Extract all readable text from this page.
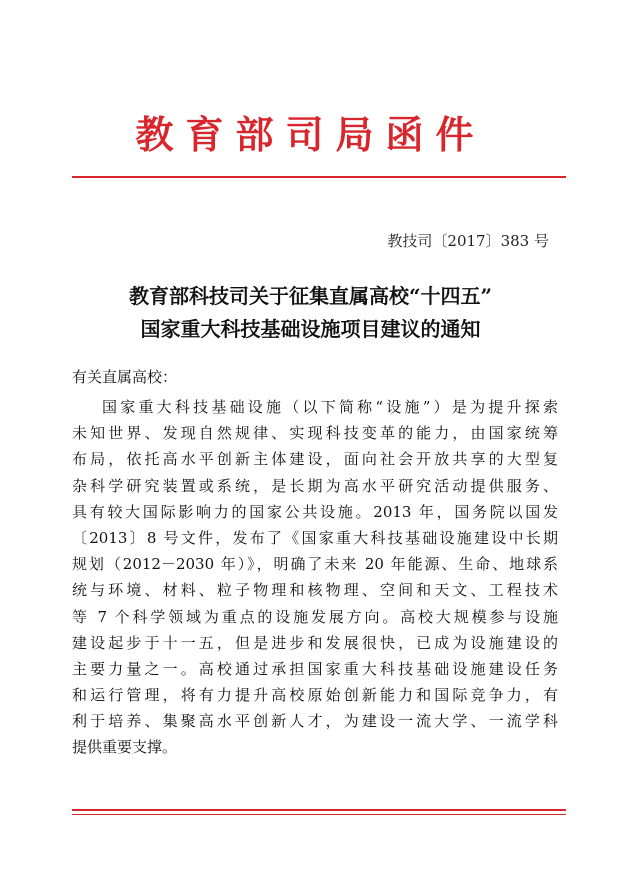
教育部司局函件
教技司〔2017〕383 号
教育部科技司关于征集直属高校“十四五”
国家重大科技基础设施项目建议的通知
有关直属高校：
国家重大科技基础设施（以下简称“设施”）是为提升探索
未知世界、发现自然规律、实现科技变革的能力，由国家统筹
布局，依托高水平创新主体建设，面向社会开放共享的大型复
杂科学研究装置或系统，是长期为高水平研究活动提供服务、
具有较大国际影响力的国家公共设施。2013 年，国务院以国发
〔2013〕8 号文件，发布了《国家重大科技基础设施建设中长期
规划（2012－2030 年）》，明确了未来 20 年能源、生命、地球系
统与环境、材料、粒子物理和核物理、空间和天文、工程技术
等 7 个科学领域为重点的设施发展方向。高校大规模参与设施
建设起步于十一五，但是进步和发展很快，已成为设施建设的
主要力量之一。高校通过承担国家重大科技基础设施建设任务
和运行管理，将有力提升高校原始创新能力和国际竞争力，有
利于培养、集聚高水平创新人才，为建设一流大学、一流学科
提供重要支撑。
